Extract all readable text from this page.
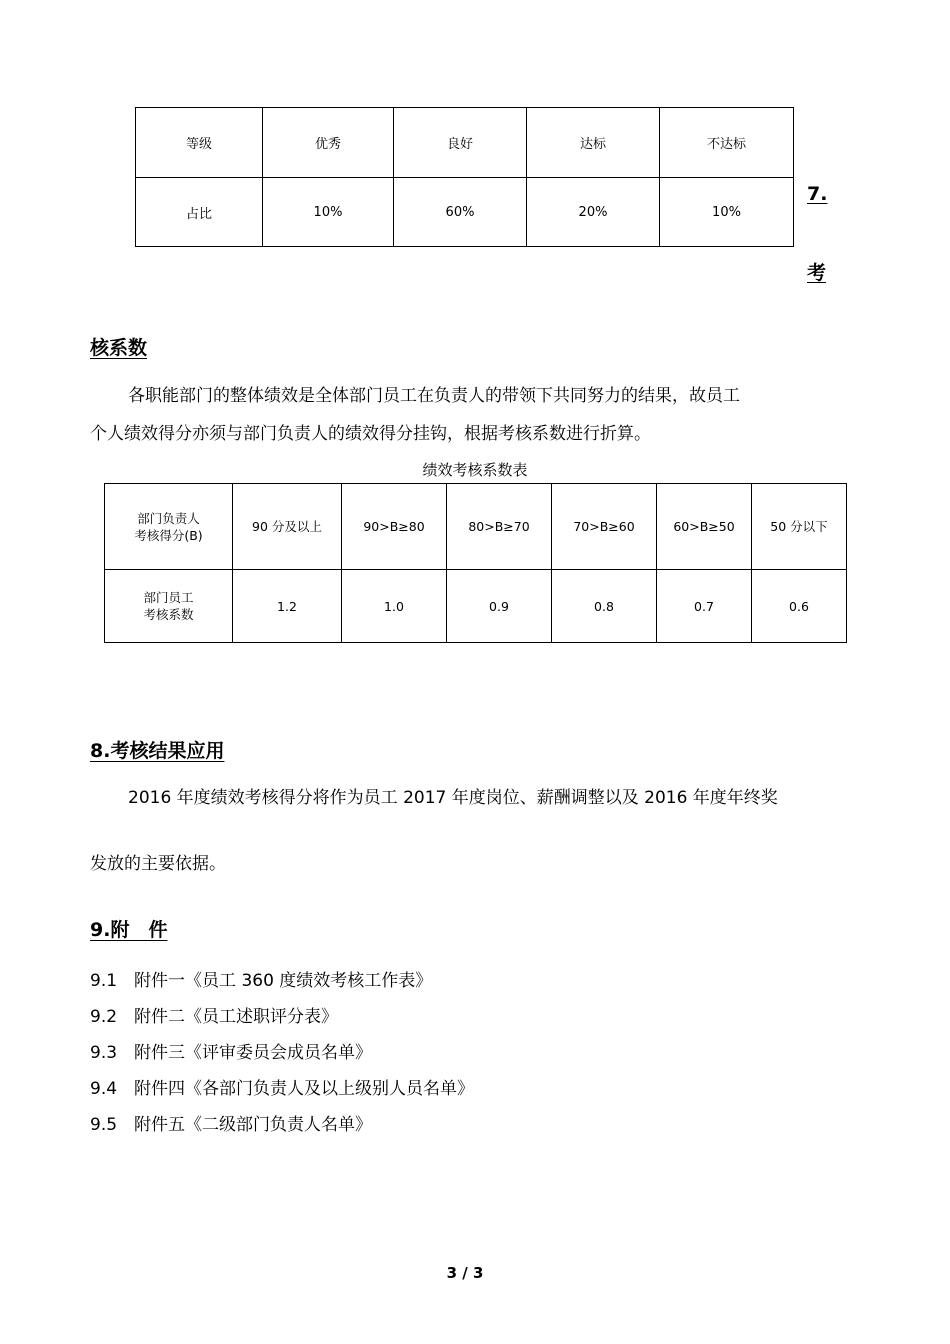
等级	优秀	良好	达标	不达标
占比	10%	60%	20%	10%
7.
考
核系数
各职能部门的整体绩效是全体部门员工在负责人的带领下共同努力的结果，故员工
个人绩效得分亦须与部门负责人的绩效得分挂钩，根据考核系数进行折算。
绩效考核系数表
部门负责人
考核得分(B)	90 分及以上	90>B≥80	80>B≥70	70>B≥60	60>B≥50	50 分以下

部门员工
考核系数	1.2	1.0	0.9	0.8	0.7	0.6
8.考核结果应用
2016 年度绩效考核得分将作为员工 2017 年度岗位、薪酬调整以及 2016 年度年终奖
发放的主要依据。
9.附　件
9.1　附件一《员工 360 度绩效考核工作表》
9.2　附件二《员工述职评分表》
9.3　附件三《评审委员会成员名单》
9.4　附件四《各部门负责人及以上级别人员名单》
9.5　附件五《二级部门负责人名单》
3 / 3
